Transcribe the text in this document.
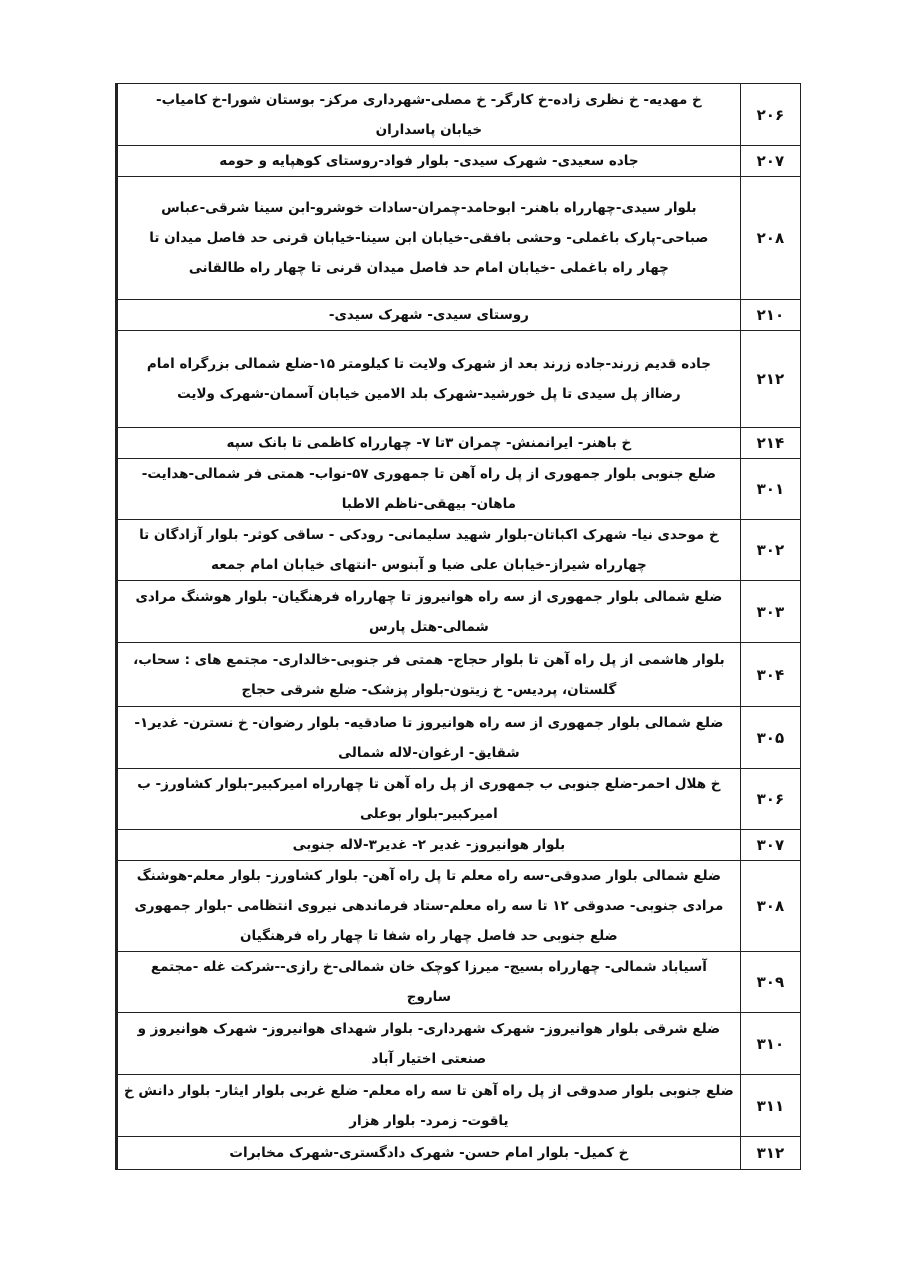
۲۰۶	خ مهدیه- خ نظری زاده-خ کارگر- خ مصلی-شهرداری مرکز- بوستان شورا-خ کامیاب-
خیابان پاسداران

۲۰۷	جاده سعیدی- شهرک سیدی- بلوار فواد-روستای کوهپایه و حومه

۲۰۸	بلوار سیدی-چهارراه باهنر- ابوحامد-چمران-سادات خوشرو-ابن سینا شرقی-عباس
صباحی-پارک باغملی- وحشی بافقی-خیابان ابن سینا-خیابان قرنی حد فاصل میدان تا
چهار راه باغملی -خیابان امام حد فاصل میدان قرنی تا چهار راه طالقانی

۲۱۰	روستای سیدی- شهرک سیدی-

۲۱۲	جاده قدیم زرند-جاده زرند بعد از شهرک ولایت تا کیلومتر ۱۵-ضلع شمالی بزرگراه امام
رضااز پل سیدی تا پل خورشید-شهرک بلد الامین خیابان آسمان-شهرک ولایت

۲۱۴	خ باهنر- ایرانمنش- چمران ۳تا ۷- چهارراه کاظمی تا بانک سپه

۳۰۱	ضلع جنوبی بلوار جمهوری از پل راه آهن تا جمهوری ۵۷-نواب- همتی فر شمالی-هدایت-
ماهان- بیهقی-ناظم الاطبا

۳۰۲	خ موحدی نیا- شهرک اکباتان-بلوار شهید سلیمانی- رودکی - ساقی کوثر- بلوار آزادگان تا
چهارراه شیراز-خیابان علی ضیا و آبنوس -انتهای خیابان امام جمعه

۳۰۳	ضلع شمالی بلوار جمهوری از سه راه هوانیروز تا چهارراه فرهنگیان- بلوار هوشنگ مرادی
شمالی-هتل پارس

۳۰۴	بلوار هاشمی از پل راه آهن تا بلوار حجاج- همتی فر جنوبی-خالداری- مجتمع های : سحاب،
گلستان، پردیس- خ زیتون-بلوار پزشک- ضلع شرقی حجاج

۳۰۵	ضلع شمالی بلوار جمهوری از سه راه هوانیروز تا صادقیه- بلوار رضوان- خ نسترن- غدیر۱-
شقایق- ارغوان-لاله شمالی

۳۰۶	خ هلال احمر-ضلع جنوبی ب جمهوری از پل راه آهن تا چهارراه امیرکبیر-بلوار کشاورز- ب
امیرکبیر-بلوار بوعلی

۳۰۷	بلوار هوانیروز- غدیر ۲- غدیر۳-لاله جنوبی

۳۰۸	ضلع شمالی بلوار صدوقی-سه راه معلم تا پل راه آهن- بلوار کشاورز- بلوار معلم-هوشنگ
مرادی جنوبی- صدوقی ۱۲ تا سه راه معلم-ستاد فرماندهی نیروی انتظامی -بلوار جمهوری
ضلع جنوبی حد فاصل چهار راه شفا تا چهار راه فرهنگیان

۳۰۹	آسیاباد شمالی- چهارراه بسیج- میرزا کوچک خان شمالی-خ رازی--شرکت غله -مجتمع
ساروج

۳۱۰	ضلع شرقی بلوار هوانیروز- شهرک شهرداری- بلوار شهدای هوانیروز- شهرک هوانیروز و
صنعتی اختیار آباد

۳۱۱	ضلع جنوبی بلوار صدوقی از پل راه آهن تا سه راه معلم- ضلع غربی بلوار ایثار- بلوار دانش خ
یاقوت- زمرد- بلوار هزار

۳۱۲	خ کمیل- بلوار امام حسن- شهرک دادگستری-شهرک مخابرات
